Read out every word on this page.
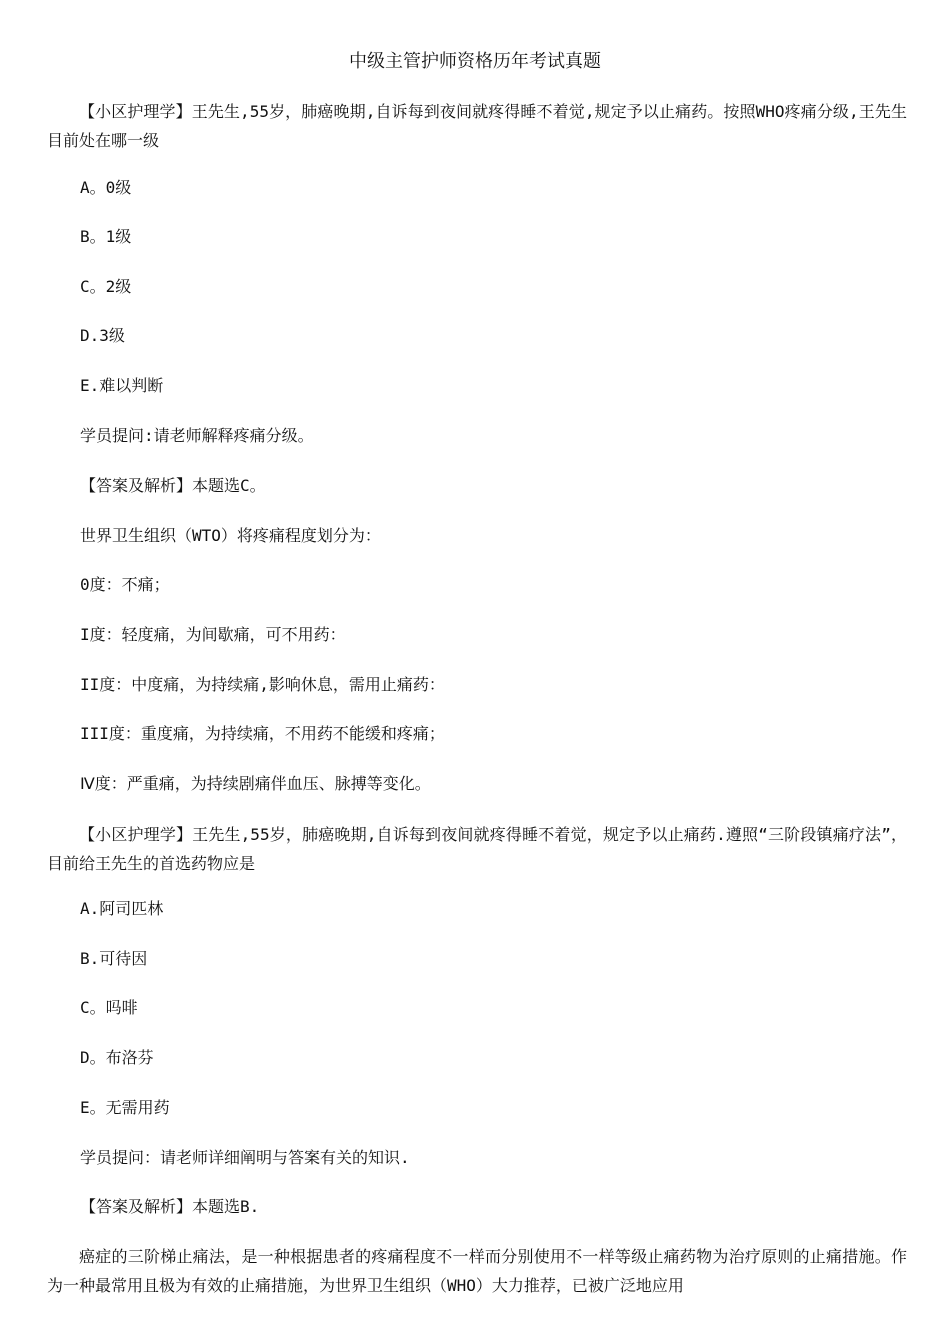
中级主管护师资格历年考试真题
【小区护理学】王先生,55岁，肺癌晚期,自诉每到夜间就疼得睡不着觉,规定予以止痛药。按照WHO疼痛分级,王先生目前处在哪一级
A。0级
B。1级
C。2级
D.3级
E.难以判断
学员提问:请老师解释疼痛分级。
【答案及解析】本题选C。
世界卫生组织（WTO）将疼痛程度划分为：
0度：不痛；
I度：轻度痛，为间歇痛，可不用药：
II度：中度痛，为持续痛,影响休息，需用止痛药：
III度：重度痛，为持续痛，不用药不能缓和疼痛；
Ⅳ度：严重痛，为持续剧痛伴血压、脉搏等变化。
【小区护理学】王先生,55岁，肺癌晚期,自诉每到夜间就疼得睡不着觉，规定予以止痛药.遵照“三阶段镇痛疗法”，目前给王先生的首选药物应是
A.阿司匹林
B.可待因
C。吗啡
D。布洛芬
E。无需用药
学员提问：请老师详细阐明与答案有关的知识.
【答案及解析】本题选B.
癌症的三阶梯止痛法，是一种根据患者的疼痛程度不一样而分别使用不一样等级止痛药物为治疗原则的止痛措施。作为一种最常用且极为有效的止痛措施，为世界卫生组织（WHO）大力推荐，已被广泛地应用
